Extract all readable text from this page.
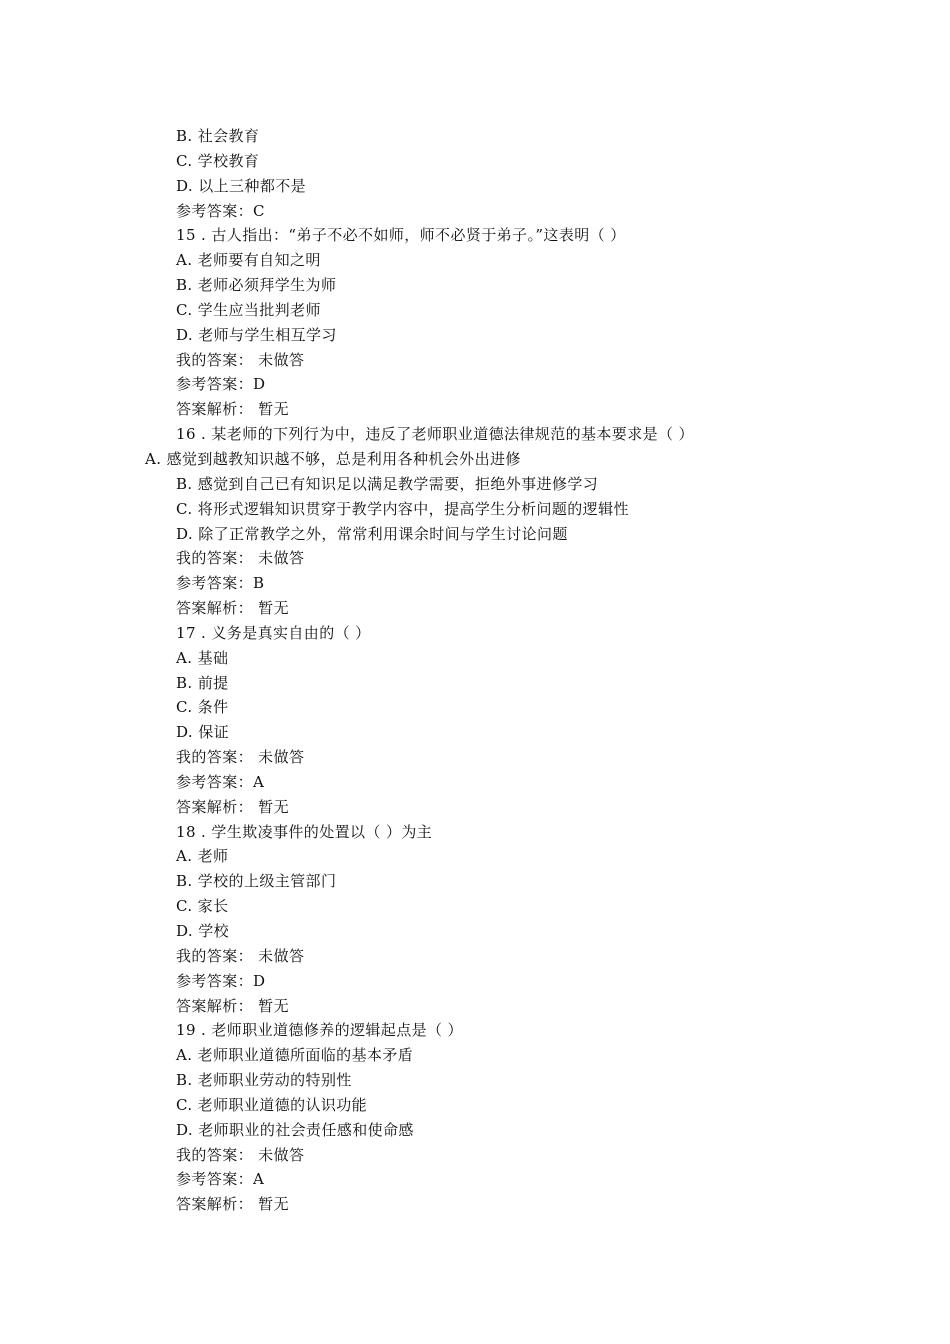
B. 社会教育
C. 学校教育
D. 以上三种都不是
参考答案：C
15 . 古人指出：“弟子不必不如师，师不必贤于弟子。”这表明（ ）
A. 老师要有自知之明
B. 老师必须拜学生为师
C. 学生应当批判老师
D. 老师与学生相互学习
我的答案： 未做答
参考答案：D
答案解析： 暂无
16 . 某老师的下列行为中，违反了老师职业道德法律规范的基本要求是（ ）
A. 感觉到越教知识越不够，总是利用各种机会外出进修
B. 感觉到自己已有知识足以满足教学需要，拒绝外事进修学习
C. 将形式逻辑知识贯穿于教学内容中，提高学生分析问题的逻辑性
D. 除了正常教学之外，常常利用课余时间与学生讨论问题
我的答案： 未做答
参考答案：B
答案解析： 暂无
17 . 义务是真实自由的（ ）
A. 基础
B. 前提
C. 条件
D. 保证
我的答案： 未做答
参考答案：A
答案解析： 暂无
18 . 学生欺凌事件的处置以（ ）为主
A. 老师
B. 学校的上级主管部门
C. 家长
D. 学校
我的答案： 未做答
参考答案：D
答案解析： 暂无
19 . 老师职业道德修养的逻辑起点是（ ）
A. 老师职业道德所面临的基本矛盾
B. 老师职业劳动的特别性
C. 老师职业道德的认识功能
D. 老师职业的社会责任感和使命感
我的答案： 未做答
参考答案：A
答案解析： 暂无
